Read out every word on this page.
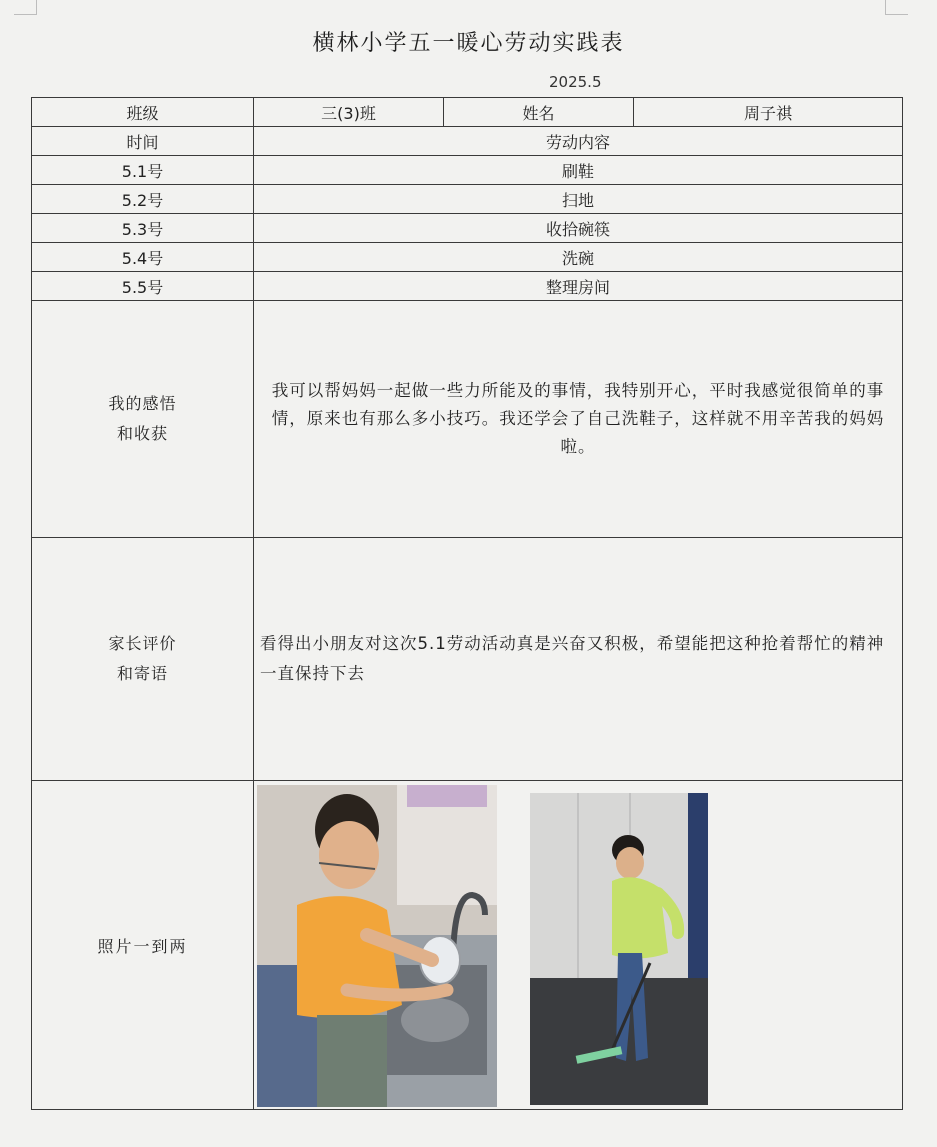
横林小学五一暖心劳动实践表
2025.5
班级	三(3)班	姓名	周子祺
时间	劳动内容		
5.1号	刷鞋		
5.2号	扫地		
5.3号	收拾碗筷		
5.4号	洗碗		
5.5号	整理房间		

我的感悟
和收获	我可以帮妈妈一起做一些力所能及的事情，我特别开心，平时我感觉很简单的事情，原来也有那么多小技巧。我还学会了自己洗鞋子，这样就不用辛苦我的妈妈啦。		

家长评价
和寄语	看得出小朋友对这次5.1劳动活动真是兴奋又积极，希望能把这种抢着帮忙的精神一直保持下去		

照片一到两	
